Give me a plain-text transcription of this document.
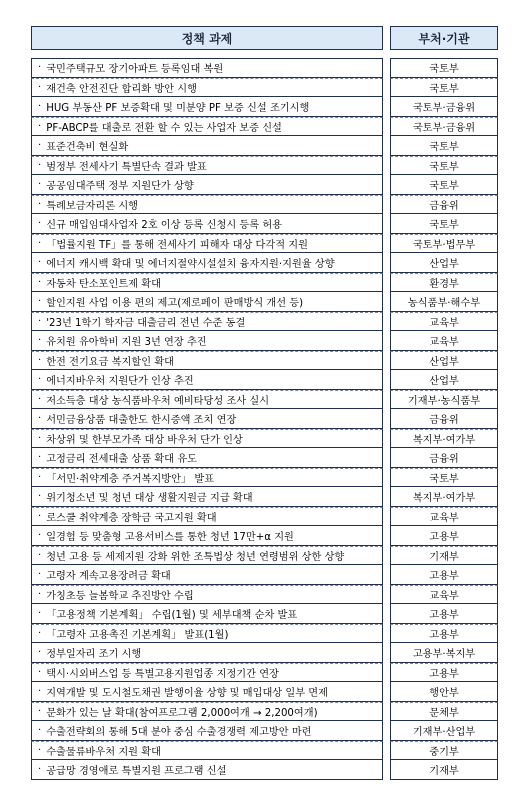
정책 과제	부처·기관
· 국민주택규모 장기아파트 등록임대 복원
· 재건축 안전진단 합리화 방안 시행
· HUG 부동산 PF 보증확대 및 미분양 PF 보증 신설 조기시행
· PF-ABCP를 대출로 전환 할 수 있는 사업자 보증 신설
· 표준건축비 현실화
· 범정부 전세사기 특별단속 결과 발표
· 공공임대주택 정부 지원단가 상향
· 특례보금자리론 시행
· 신규 매입임대사업자 2호 이상 등록 신청시 등록 허용
· 「법률지원 TF」를 통해 전세사기 피해자 대상 다각적 지원
· 에너지 캐시백 확대 및 에너지절약시설설치 융자지원·지원율 상향
· 자동차 탄소포인트제 확대
· 할인지원 사업 이용 편의 제고(제로페이 판매방식 개선 등)
· '23년 1학기 학자금 대출금리 전년 수준 동결
· 유치원 유아학비 지원 3년 연장 추진
· 한전 전기요금 복지할인 확대
· 에너지바우처 지원단가 인상 추진
· 저소득층 대상 농식품바우처 예비타당성 조사 실시
· 서민금융상품 대출한도 한시증액 조치 연장
· 차상위 및 한부모가족 대상 바우처 단가 인상
· 고정금리 전세대출 상품 확대 유도
· 「서민·취약계층 주거복지방안」 발표
· 위기청소년 및 청년 대상 생활지원금 지급 확대
· 로스쿨 취약계층 장학금 국고지원 확대
· 일경험 등 맞춤형 고용서비스를 통한 청년 17만+α 지원
· 청년 고용 등 세제지원 강화 위한 조특법상 청년 연령범위 상한 상향
· 고령자 계속고용장려금 확대
· 가칭초등 늘봄학교 추진방안 수립
· 「고용정책 기본계획」 수립(1월) 및 세부대책 순차 발표
· 「고령자 고용촉진 기본계획」 발표(1월)
· 정부일자리 조기 시행
· 택시·시외버스업 등 특별고용지원업종 지정기간 연장
· 지역개발 및 도시철도채권 발행이율 상향 및 매입대상 일부 면제
· 문화가 있는 날 확대(참여프로그램 2,000여개 → 2,200여개)
· 수출전략회의 통해 5대 분야 중심 수출경쟁력 제고방안 마련
· 수출물류바우처 지원 확대
· 공급망 경영애로 특별지원 프로그램 신설
국토부
국토부
국토부·금융위
국토부·금융위
국토부
국토부
국토부
금융위
국토부
국토부·법무부
산업부
환경부
농식품부·해수부
교육부
교육부
산업부
산업부
기재부·농식품부
금융위
복지부·여가부
금융위
국토부
복지부·여가부
교육부
고용부
기재부
고용부
교육부
고용부
고용부
고용부·복지부
고용부
행안부
문체부
기재부·산업부
중기부
기재부
